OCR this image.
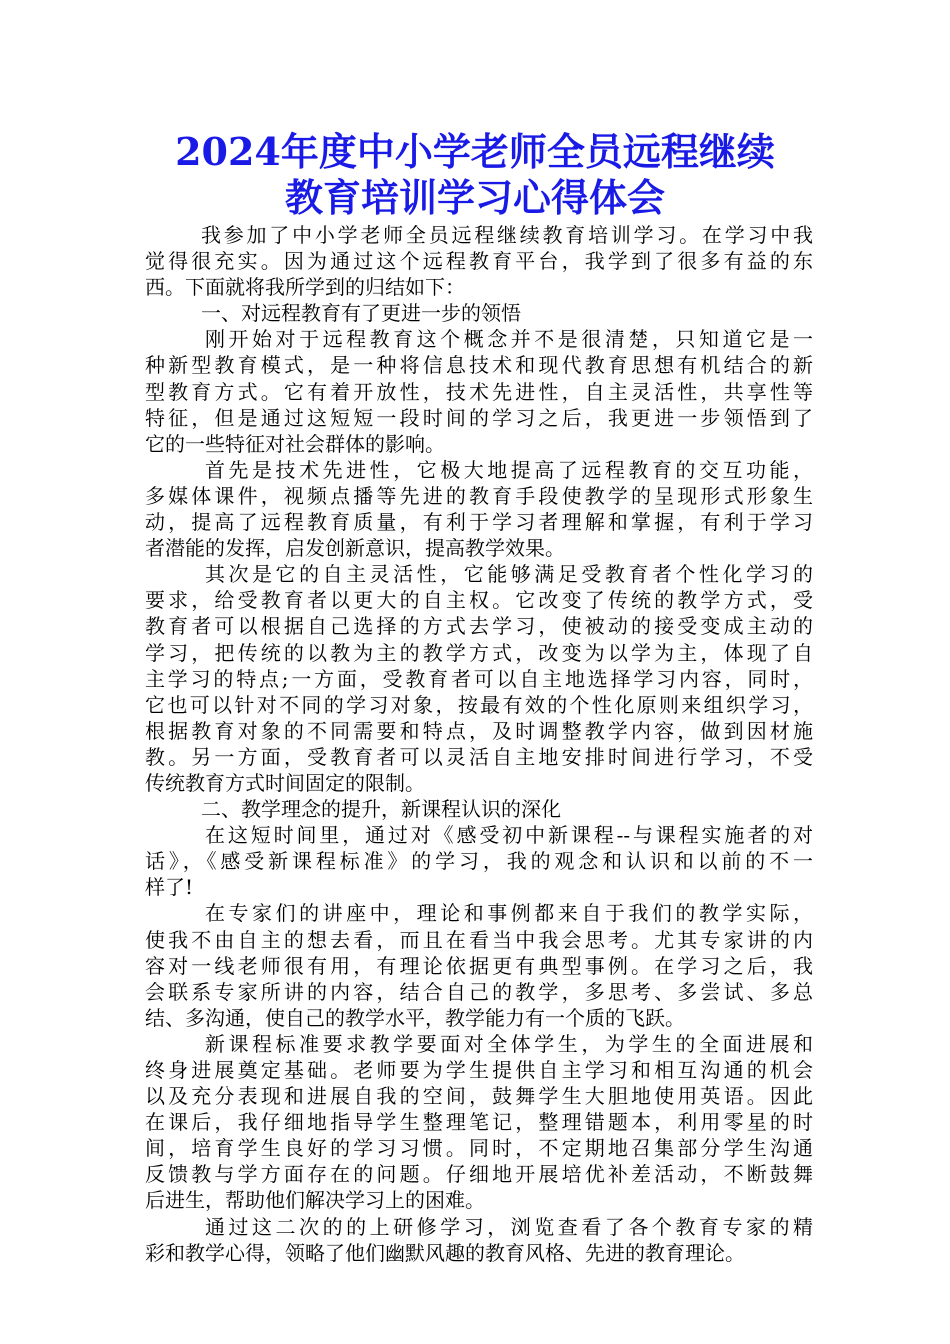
2024年度中小学老师全员远程继续
教育培训学习心得体会
我参加了中小学老师全员远程继续教育培训学习。在学习中我
觉得很充实。因为通过这个远程教育平台，我学到了很多有益的东
西。下面就将我所学到的归结如下：
一、对远程教育有了更进一步的领悟
刚开始对于远程教育这个概念并不是很清楚，只知道它是一
种新型教育模式，是一种将信息技术和现代教育思想有机结合的新
型教育方式。它有着开放性，技术先进性，自主灵活性，共享性等
特征，但是通过这短短一段时间的学习之后，我更进一步领悟到了
它的一些特征对社会群体的影响。
首先是技术先进性，它极大地提高了远程教育的交互功能，
多媒体课件，视频点播等先进的教育手段使教学的呈现形式形象生
动，提高了远程教育质量，有利于学习者理解和掌握，有利于学习
者潜能的发挥，启发创新意识，提高教学效果。
其次是它的自主灵活性，它能够满足受教育者个性化学习的
要求，给受教育者以更大的自主权。它改变了传统的教学方式，受
教育者可以根据自己选择的方式去学习，使被动的接受变成主动的
学习，把传统的以教为主的教学方式，改变为以学为主，体现了自
主学习的特点;一方面，受教育者可以自主地选择学习内容，同时，
它也可以针对不同的学习对象，按最有效的个性化原则来组织学习，
根据教育对象的不同需要和特点，及时调整教学内容，做到因材施
教。另一方面，受教育者可以灵活自主地安排时间进行学习，不受
传统教育方式时间固定的限制。
二、教学理念的提升，新课程认识的深化
在这短时间里，通过对《感受初中新课程--与课程实施者的对
话》，《感受新课程标准》的学习，我的观念和认识和以前的不一
样了!
在专家们的讲座中，理论和事例都来自于我们的教学实际，
使我不由自主的想去看，而且在看当中我会思考。尤其专家讲的内
容对一线老师很有用，有理论依据更有典型事例。在学习之后，我
会联系专家所讲的内容，结合自己的教学，多思考、多尝试、多总
结、多沟通，使自己的教学水平，教学能力有一个质的飞跃。
新课程标准要求教学要面对全体学生，为学生的全面进展和
终身进展奠定基础。老师要为学生提供自主学习和相互沟通的机会
以及充分表现和进展自我的空间，鼓舞学生大胆地使用英语。因此
在课后，我仔细地指导学生整理笔记，整理错题本，利用零星的时
间，培育学生良好的学习习惯。同时，不定期地召集部分学生沟通
反馈教与学方面存在的问题。仔细地开展培优补差活动，不断鼓舞
后进生，帮助他们解决学习上的困难。
通过这二次的的上研修学习，浏览查看了各个教育专家的精
彩和教学心得，领略了他们幽默风趣的教育风格、先进的教育理论。
